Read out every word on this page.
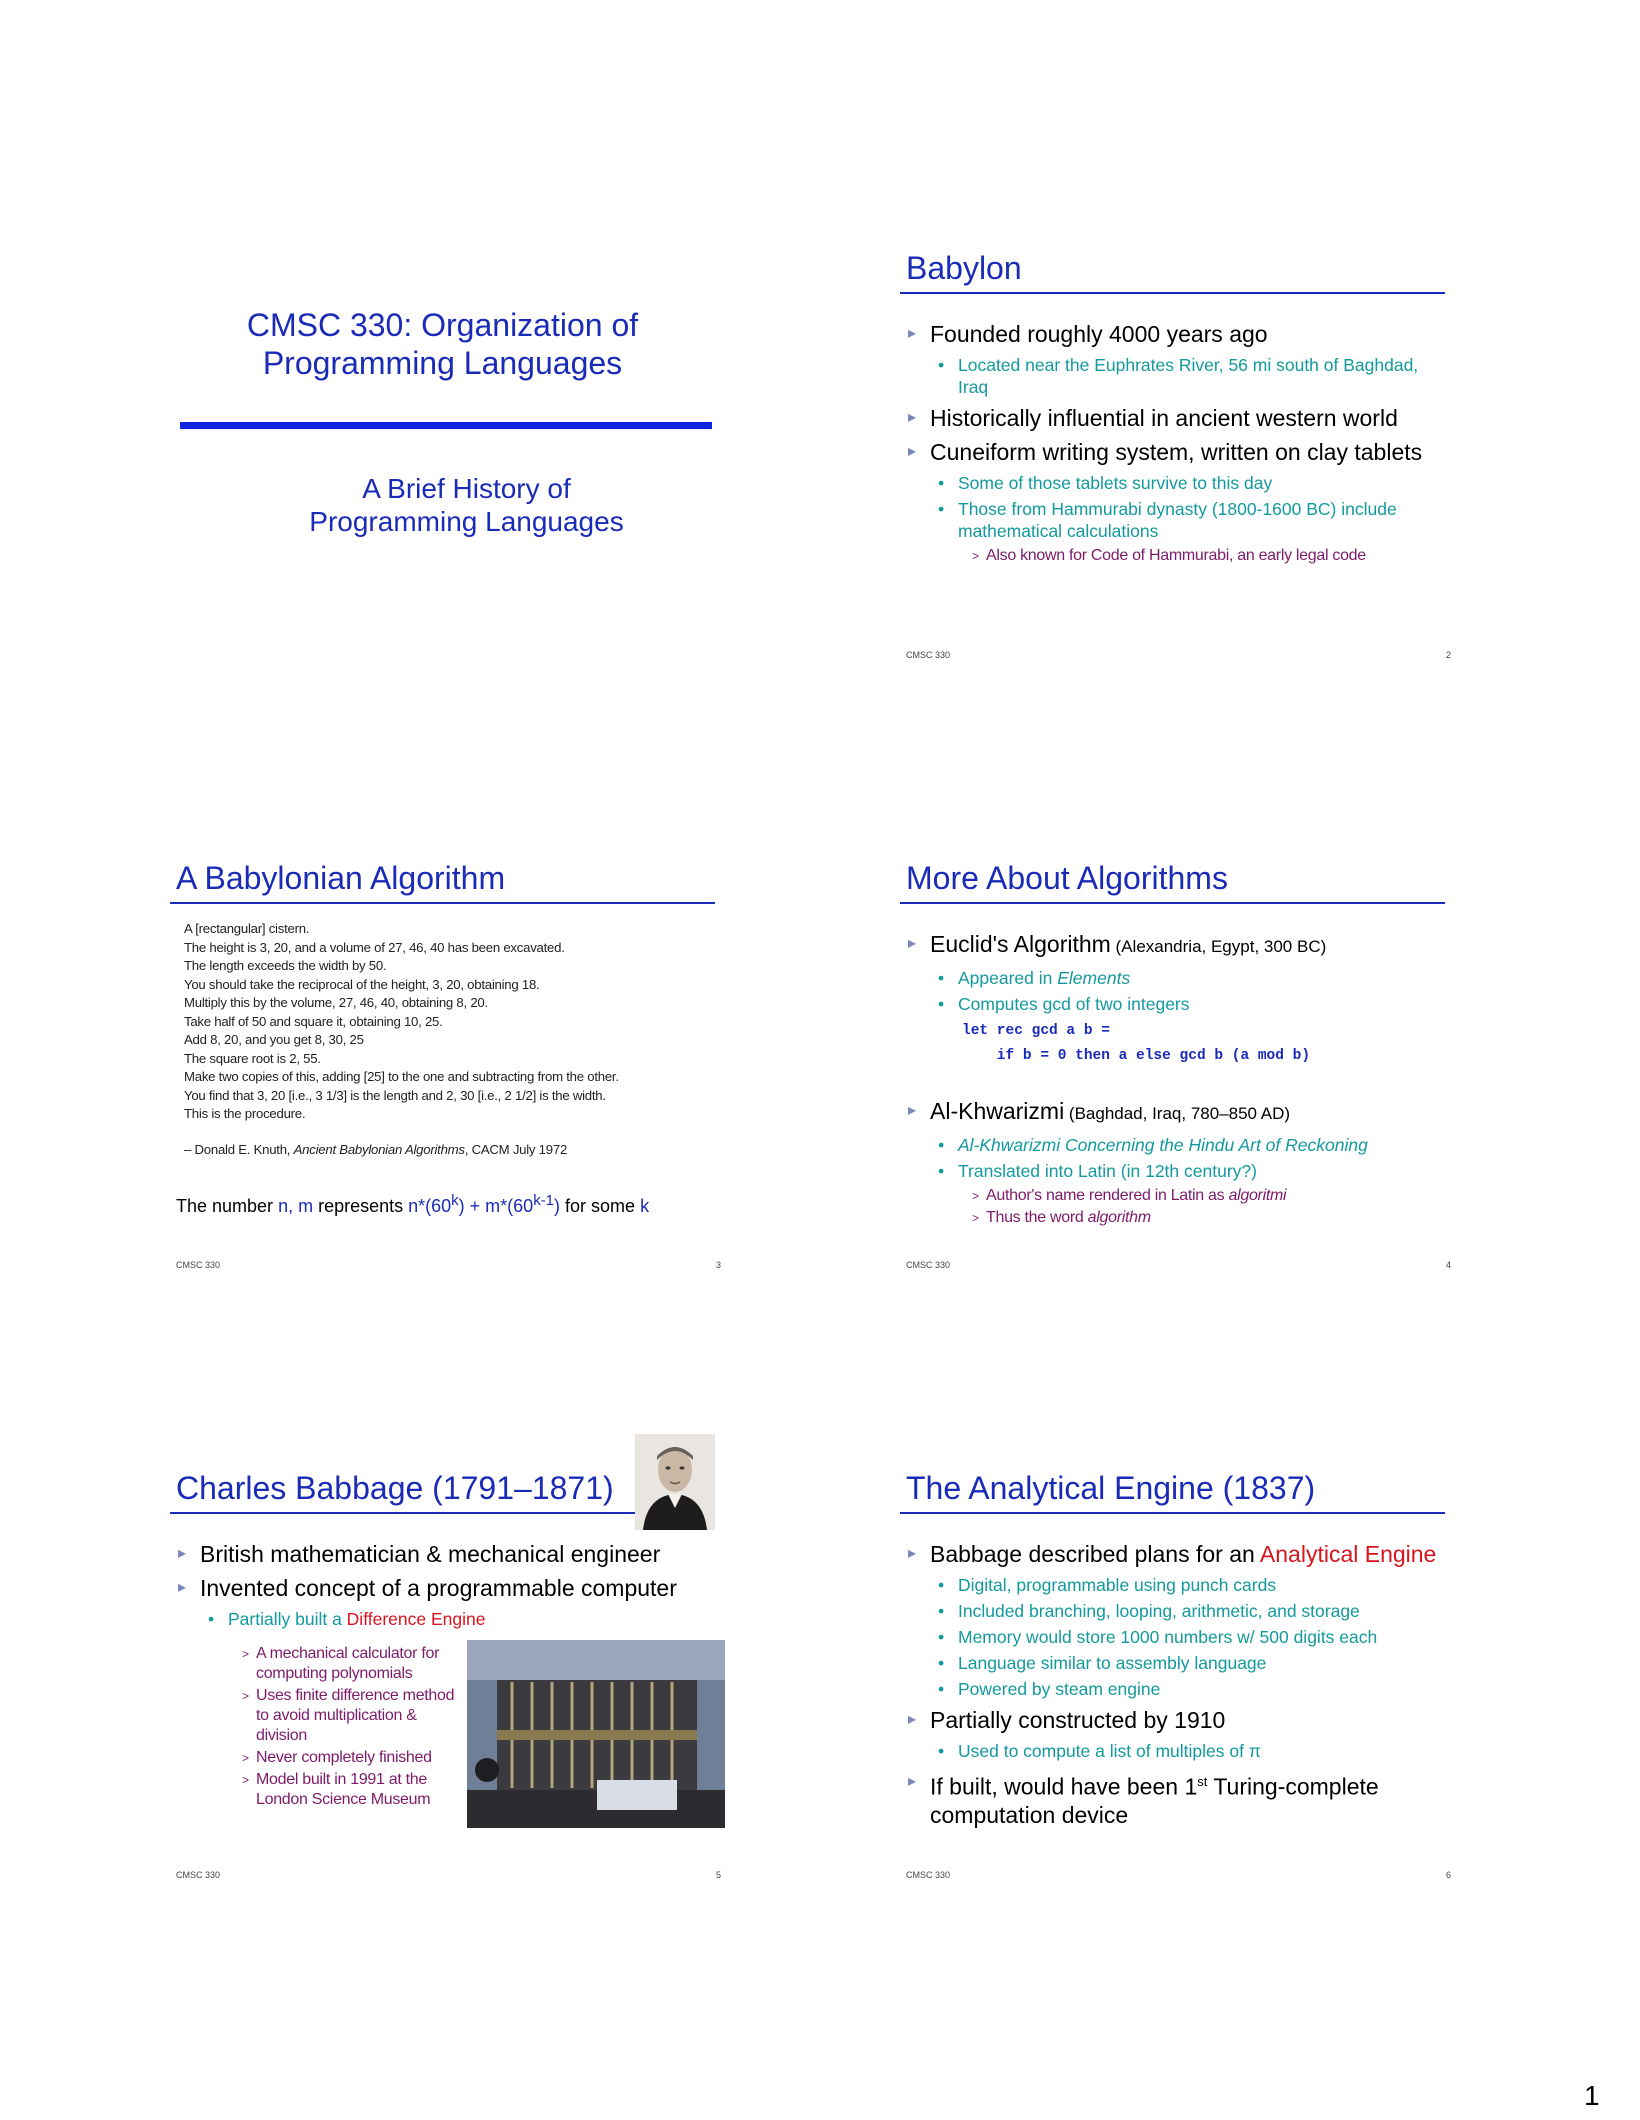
CMSC 330: Organization of
Programming Languages
A Brief History of
Programming Languages
Babylon
▸ Founded roughly 4000 years ago
• Located near the Euphrates River, 56 mi south of Baghdad, Iraq
▸ Historically influential in ancient western world
▸ Cuneiform writing system, written on clay tablets
• Some of those tablets survive to this day
• Those from Hammurabi dynasty (1800-1600 BC) include mathematical calculations
> Also known for Code of Hammurabi, an early legal code
CMSC 330	2
A Babylonian Algorithm
A [rectangular] cistern.
The height is 3, 20, and a volume of 27, 46, 40 has been excavated.
The length exceeds the width by 50.
You should take the reciprocal of the height, 3, 20, obtaining 18.
Multiply this by the volume, 27, 46, 40, obtaining 8, 20.
Take half of 50 and square it, obtaining 10, 25.
Add 8, 20, and you get 8, 30, 25
The square root is 2, 55.
Make two copies of this, adding [25] to the one and subtracting from the other.
You find that 3, 20 [i.e., 3 1/3] is the length and 2, 30 [i.e., 2 1/2] is the width.
This is the procedure.
– Donald E. Knuth, Ancient Babylonian Algorithms, CACM July 1972
The number n, m represents $n*(60^k) + m*(60^{k-1})$ for some k
CMSC 330	3
More About Algorithms
▸ Euclid's Algorithm (Alexandria, Egypt, 300 BC)
• Appeared in Elements
• Computes gcd of two integers
let rec gcd a b =
if b = 0 then a else gcd b (a mod b)
▸ Al-Khwarizmi (Baghdad, Iraq, 780–850 AD)
• Al-Khwarizmi Concerning the Hindu Art of Reckoning
• Translated into Latin (in 12th century?)
> Author's name rendered in Latin as algoritmi
> Thus the word algorithm
CMSC 330	4
Charles Babbage (1791–1871)
▸ British mathematician & mechanical engineer
▸ Invented concept of a programmable computer
• Partially built a Difference Engine
> A mechanical calculator for computing polynomials
> Uses finite difference method to avoid multiplication & division
> Never completely finished
> Model built in 1991 at the London Science Museum
CMSC 330	5
The Analytical Engine (1837)
▸ Babbage described plans for an Analytical Engine
• Digital, programmable using punch cards
• Included branching, looping, arithmetic, and storage
• Memory would store 1000 numbers w/ 500 digits each
• Language similar to assembly language
• Powered by steam engine
▸ Partially constructed by 1910
• Used to compute a list of multiples of π
▸ If built, would have been 1st Turing-complete computation device
CMSC 330	6
1
